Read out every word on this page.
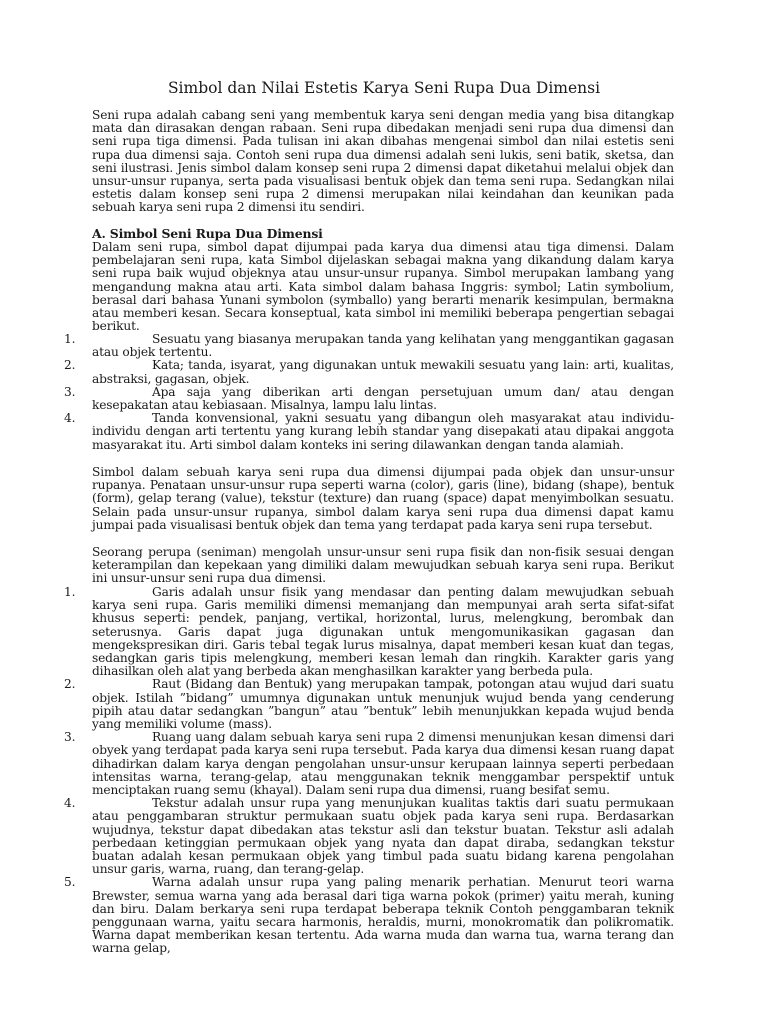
Simbol dan Nilai Estetis Karya Seni Rupa Dua Dimensi
Seni rupa adalah cabang seni yang membentuk karya seni dengan media yang bisa ditangkap mata dan dirasakan dengan rabaan. Seni rupa dibedakan menjadi seni rupa dua dimensi dan seni rupa tiga dimensi. Pada tulisan ini akan dibahas mengenai simbol dan nilai estetis seni rupa dua dimensi saja. Contoh seni rupa dua dimensi adalah seni lukis, seni batik, sketsa, dan seni ilustrasi. Jenis simbol dalam konsep seni rupa 2 dimensi dapat diketahui melalui objek dan unsur-unsur rupanya, serta pada visualisasi bentuk objek dan tema seni rupa. Sedangkan nilai estetis dalam konsep seni rupa 2 dimensi merupakan nilai keindahan dan keunikan pada sebuah karya seni rupa 2 dimensi itu sendiri.
A. Simbol Seni Rupa Dua Dimensi
Dalam seni rupa, simbol dapat dijumpai pada karya dua dimensi atau tiga dimensi. Dalam pembelajaran seni rupa, kata Simbol dijelaskan sebagai makna yang dikandung dalam karya seni rupa baik wujud objeknya atau unsur-unsur rupanya. Simbol merupakan lambang yang mengandung makna atau arti. Kata simbol dalam bahasa Inggris: symbol; Latin symbolium, berasal dari bahasa Yunani symbolon (symballo) yang berarti menarik kesimpulan, bermakna atau memberi kesan. Secara konseptual, kata simbol ini memiliki beberapa pengertian sebagai berikut.
1.	Sesuatu yang biasanya merupakan tanda yang kelihatan yang menggantikan gagasan atau objek tertentu.
2.	Kata; tanda, isyarat, yang digunakan untuk mewakili sesuatu yang lain: arti, kualitas, abstraksi, gagasan, objek.
3.	Apa saja yang diberikan arti dengan persetujuan umum dan/ atau dengan kesepakatan atau kebiasaan. Misalnya, lampu lalu lintas.
4.	Tanda konvensional, yakni sesuatu yang dibangun oleh masyarakat atau individu-individu dengan arti tertentu yang kurang lebih standar yang disepakati atau dipakai anggota masyarakat itu. Arti simbol dalam konteks ini sering dilawankan dengan tanda alamiah.
Simbol dalam sebuah karya seni rupa dua dimensi dijumpai pada objek dan unsur-unsur rupanya. Penataan unsur-unsur rupa seperti warna (color), garis (line), bidang (shape), bentuk (form), gelap terang (value), tekstur (texture) dan ruang (space) dapat menyimbolkan sesuatu. Selain pada unsur-unsur rupanya, simbol dalam karya seni rupa dua dimensi dapat kamu jumpai pada visualisasi bentuk objek dan tema yang terdapat pada karya seni rupa tersebut.
Seorang perupa (seniman) mengolah unsur-unsur seni rupa fisik dan non-fisik sesuai dengan keterampilan dan kepekaan yang dimiliki dalam mewujudkan sebuah karya seni rupa. Berikut ini unsur-unsur seni rupa dua dimensi.
1.	Garis adalah unsur fisik yang mendasar dan penting dalam mewujudkan sebuah karya seni rupa. Garis memiliki dimensi memanjang dan mempunyai arah serta sifat-sifat khusus seperti: pendek, panjang, vertikal, horizontal, lurus, melengkung, berombak dan seterusnya. Garis dapat juga digunakan untuk mengomunikasikan gagasan dan mengekspresikan diri. Garis tebal tegak lurus misalnya, dapat memberi kesan kuat dan tegas, sedangkan garis tipis melengkung, memberi kesan lemah dan ringkih. Karakter garis yang dihasilkan oleh alat yang berbeda akan menghasilkan karakter yang berbeda pula.
2.	Raut (Bidang dan Bentuk) yang merupakan tampak, potongan atau wujud dari suatu objek. Istilah ”bidang” umumnya digunakan untuk menunjuk wujud benda yang cenderung pipih atau datar sedangkan ”bangun” atau ”bentuk” lebih menunjukkan kepada wujud benda yang memiliki volume (mass).
3.	Ruang uang dalam sebuah karya seni rupa 2 dimensi menunjukan kesan dimensi dari obyek yang terdapat pada karya seni rupa tersebut. Pada karya dua dimensi kesan ruang dapat dihadirkan dalam karya dengan pengolahan unsur-unsur kerupaan lainnya seperti perbedaan intensitas warna, terang-gelap, atau menggunakan teknik menggambar perspektif untuk menciptakan ruang semu (khayal). Dalam seni rupa dua dimensi, ruang besifat semu.
4.	Tekstur adalah unsur rupa yang menunjukan kualitas taktis dari suatu permukaan atau penggambaran struktur permukaan suatu objek pada karya seni rupa. Berdasarkan wujudnya, tekstur dapat dibedakan atas tekstur asli dan tekstur buatan. Tekstur asli adalah perbedaan ketinggian permukaan objek yang nyata dan dapat diraba, sedangkan tekstur buatan adalah kesan permukaan objek yang timbul pada suatu bidang karena pengolahan unsur garis, warna, ruang, dan terang-gelap.
5.	Warna adalah unsur rupa yang paling menarik perhatian. Menurut teori warna Brewster, semua warna yang ada berasal dari tiga warna pokok (primer) yaitu merah, kuning dan biru. Dalam berkarya seni rupa terdapat beberapa teknik Contoh penggambaran teknik penggunaan warna, yaitu secara harmonis, heraldis, murni, monokromatik dan polikromatik. Warna dapat memberikan kesan tertentu. Ada warna muda dan warna tua, warna terang dan warna gelap,
